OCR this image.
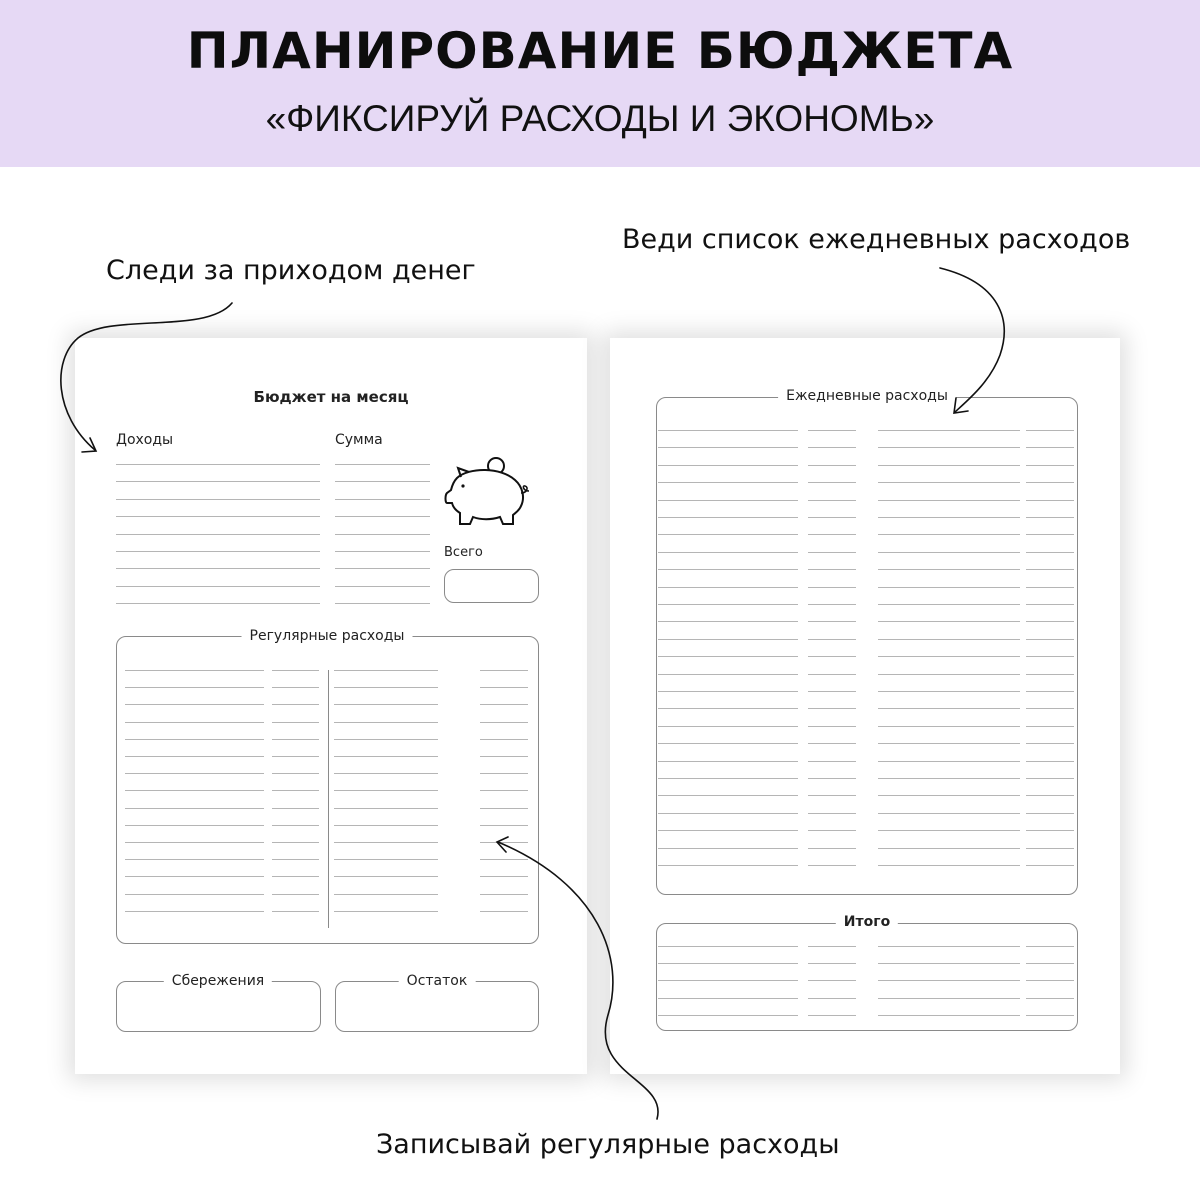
ПЛАНИРОВАНИЕ БЮДЖЕТА
«ФИКСИРУЙ РАСХОДЫ И ЭКОНОМЬ»
Следи за приходом денег
Веди список ежедневных расходов
Записывай регулярные расходы
Бюджет на месяц
Доходы	Сумма
Всего
Регулярные расходы
Сбережения	Остаток
Ежедневные расходы
Итого
